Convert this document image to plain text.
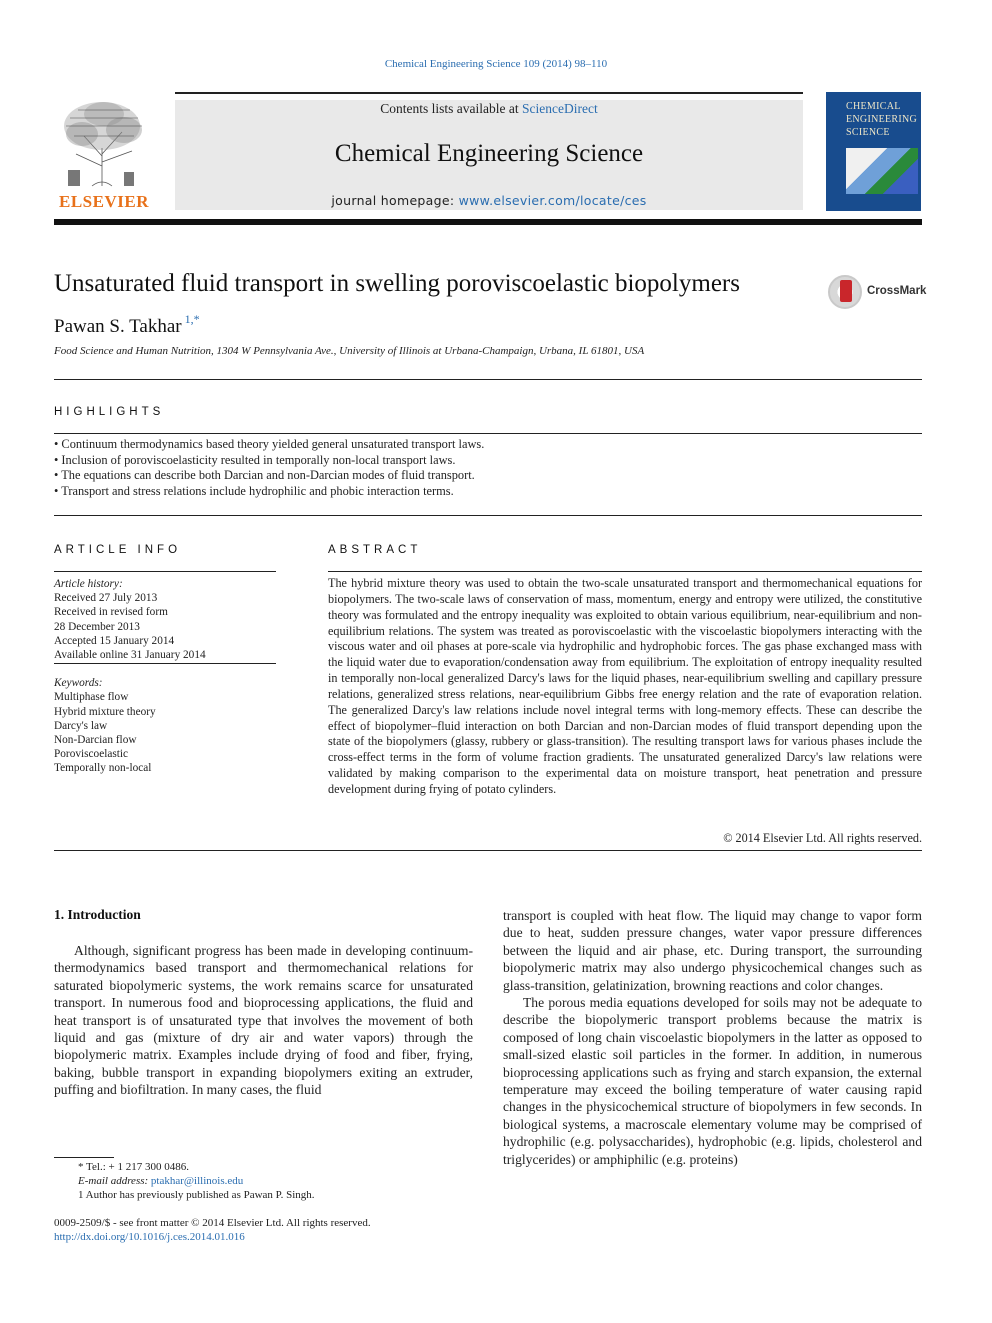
Chemical Engineering Science 109 (2014) 98–110
ELSEVIER
Contents lists available at ScienceDirect
Chemical Engineering Science
journal homepage: www.elsevier.com/locate/ces
CHEMICAL
ENGINEERING
SCIENCE
Unsaturated fluid transport in swelling poroviscoelastic biopolymers	CrossMark
Pawan S. Takhar $^{1,*}$
Food Science and Human Nutrition, 1304 W Pennsylvania Ave., University of Illinois at Urbana-Champaign, Urbana, IL 61801, USA
HIGHLIGHTS
• Continuum thermodynamics based theory yielded general unsaturated transport laws.
• Inclusion of poroviscoelasticity resulted in temporally non-local transport laws.
• The equations can describe both Darcian and non-Darcian modes of fluid transport.
• Transport and stress relations include hydrophilic and phobic interaction terms.
ARTICLE INFO	ABSTRACT
Article history:
Received 27 July 2013
Received in revised form
28 December 2013
Accepted 15 January 2014
Available online 31 January 2014
Keywords:
Multiphase flow
Hybrid mixture theory
Darcy's law
Non-Darcian flow
Poroviscoelastic
Temporally non-local
The hybrid mixture theory was used to obtain the two-scale unsaturated transport and thermomechanical equations for biopolymers. The two-scale laws of conservation of mass, momentum, energy and entropy were utilized, the constitutive theory was formulated and the entropy inequality was exploited to obtain various equilibrium, near-equilibrium and non-equilibrium relations. The system was treated as poroviscoelastic with the viscoelastic biopolymers interacting with the viscous water and oil phases at pore-scale via hydrophilic and hydrophobic forces. The gas phase exchanged mass with the liquid water due to evaporation/condensation away from equilibrium. The exploitation of entropy inequality resulted in temporally non-local generalized Darcy's laws for the liquid phases, near-equilibrium swelling and capillary pressure relations, generalized stress relations, near-equilibrium Gibbs free energy relation and the rate of evaporation relation. The generalized Darcy's law relations include novel integral terms with long-memory effects. These can describe the effect of biopolymer–fluid interaction on both Darcian and non-Darcian modes of fluid transport depending upon the state of the biopolymers (glassy, rubbery or glass-transition). The resulting transport laws for various phases include the cross-effect terms in the form of volume fraction gradients. The unsaturated generalized Darcy's law relations were validated by making comparison to the experimental data on moisture transport, heat penetration and pressure development during frying of potato cylinders.
© 2014 Elsevier Ltd. All rights reserved.
1. Introduction

Although, significant progress has been made in developing continuum-thermodynamics based transport and thermomechanical relations for saturated biopolymeric systems, the work remains scarce for unsaturated transport. In numerous food and bioprocessing applications, the fluid and heat transport is of unsaturated type that involves the movement of both liquid and gas (mixture of dry air and water vapors) through the biopolymeric matrix. Examples include drying of food and fiber, frying, baking, bubble transport in expanding biopolymers exiting an extruder, puffing and biofiltration. In many cases, the fluid

transport is coupled with heat flow. The liquid may change to vapor form due to heat, sudden pressure changes, water vapor pressure differences between the liquid and air phase, etc. During transport, the surrounding biopolymeric matrix may also undergo physicochemical changes such as glass-transition, gelatinization, browning reactions and color changes.

The porous media equations developed for soils may not be adequate to describe the biopolymeric transport problems because the matrix is composed of long chain viscoelastic biopolymers in the latter as opposed to small-sized elastic soil particles in the former. In addition, in numerous bioprocessing applications such as frying and starch expansion, the external temperature may exceed the boiling temperature of water causing rapid changes in the physicochemical structure of biopolymers in few seconds. In biological systems, a macroscale elementary volume may be comprised of hydrophilic (e.g. polysaccharides), hydrophobic (e.g. lipids, cholesterol and triglycerides) or amphiphilic (e.g. proteins)

* Tel.: + 1 217 300 0486.
E-mail address: ptakhar@illinois.edu
1 Author has previously published as Pawan P. Singh.
0009-2509/$ - see front matter © 2014 Elsevier Ltd. All rights reserved.
http://dx.doi.org/10.1016/j.ces.2014.01.016
